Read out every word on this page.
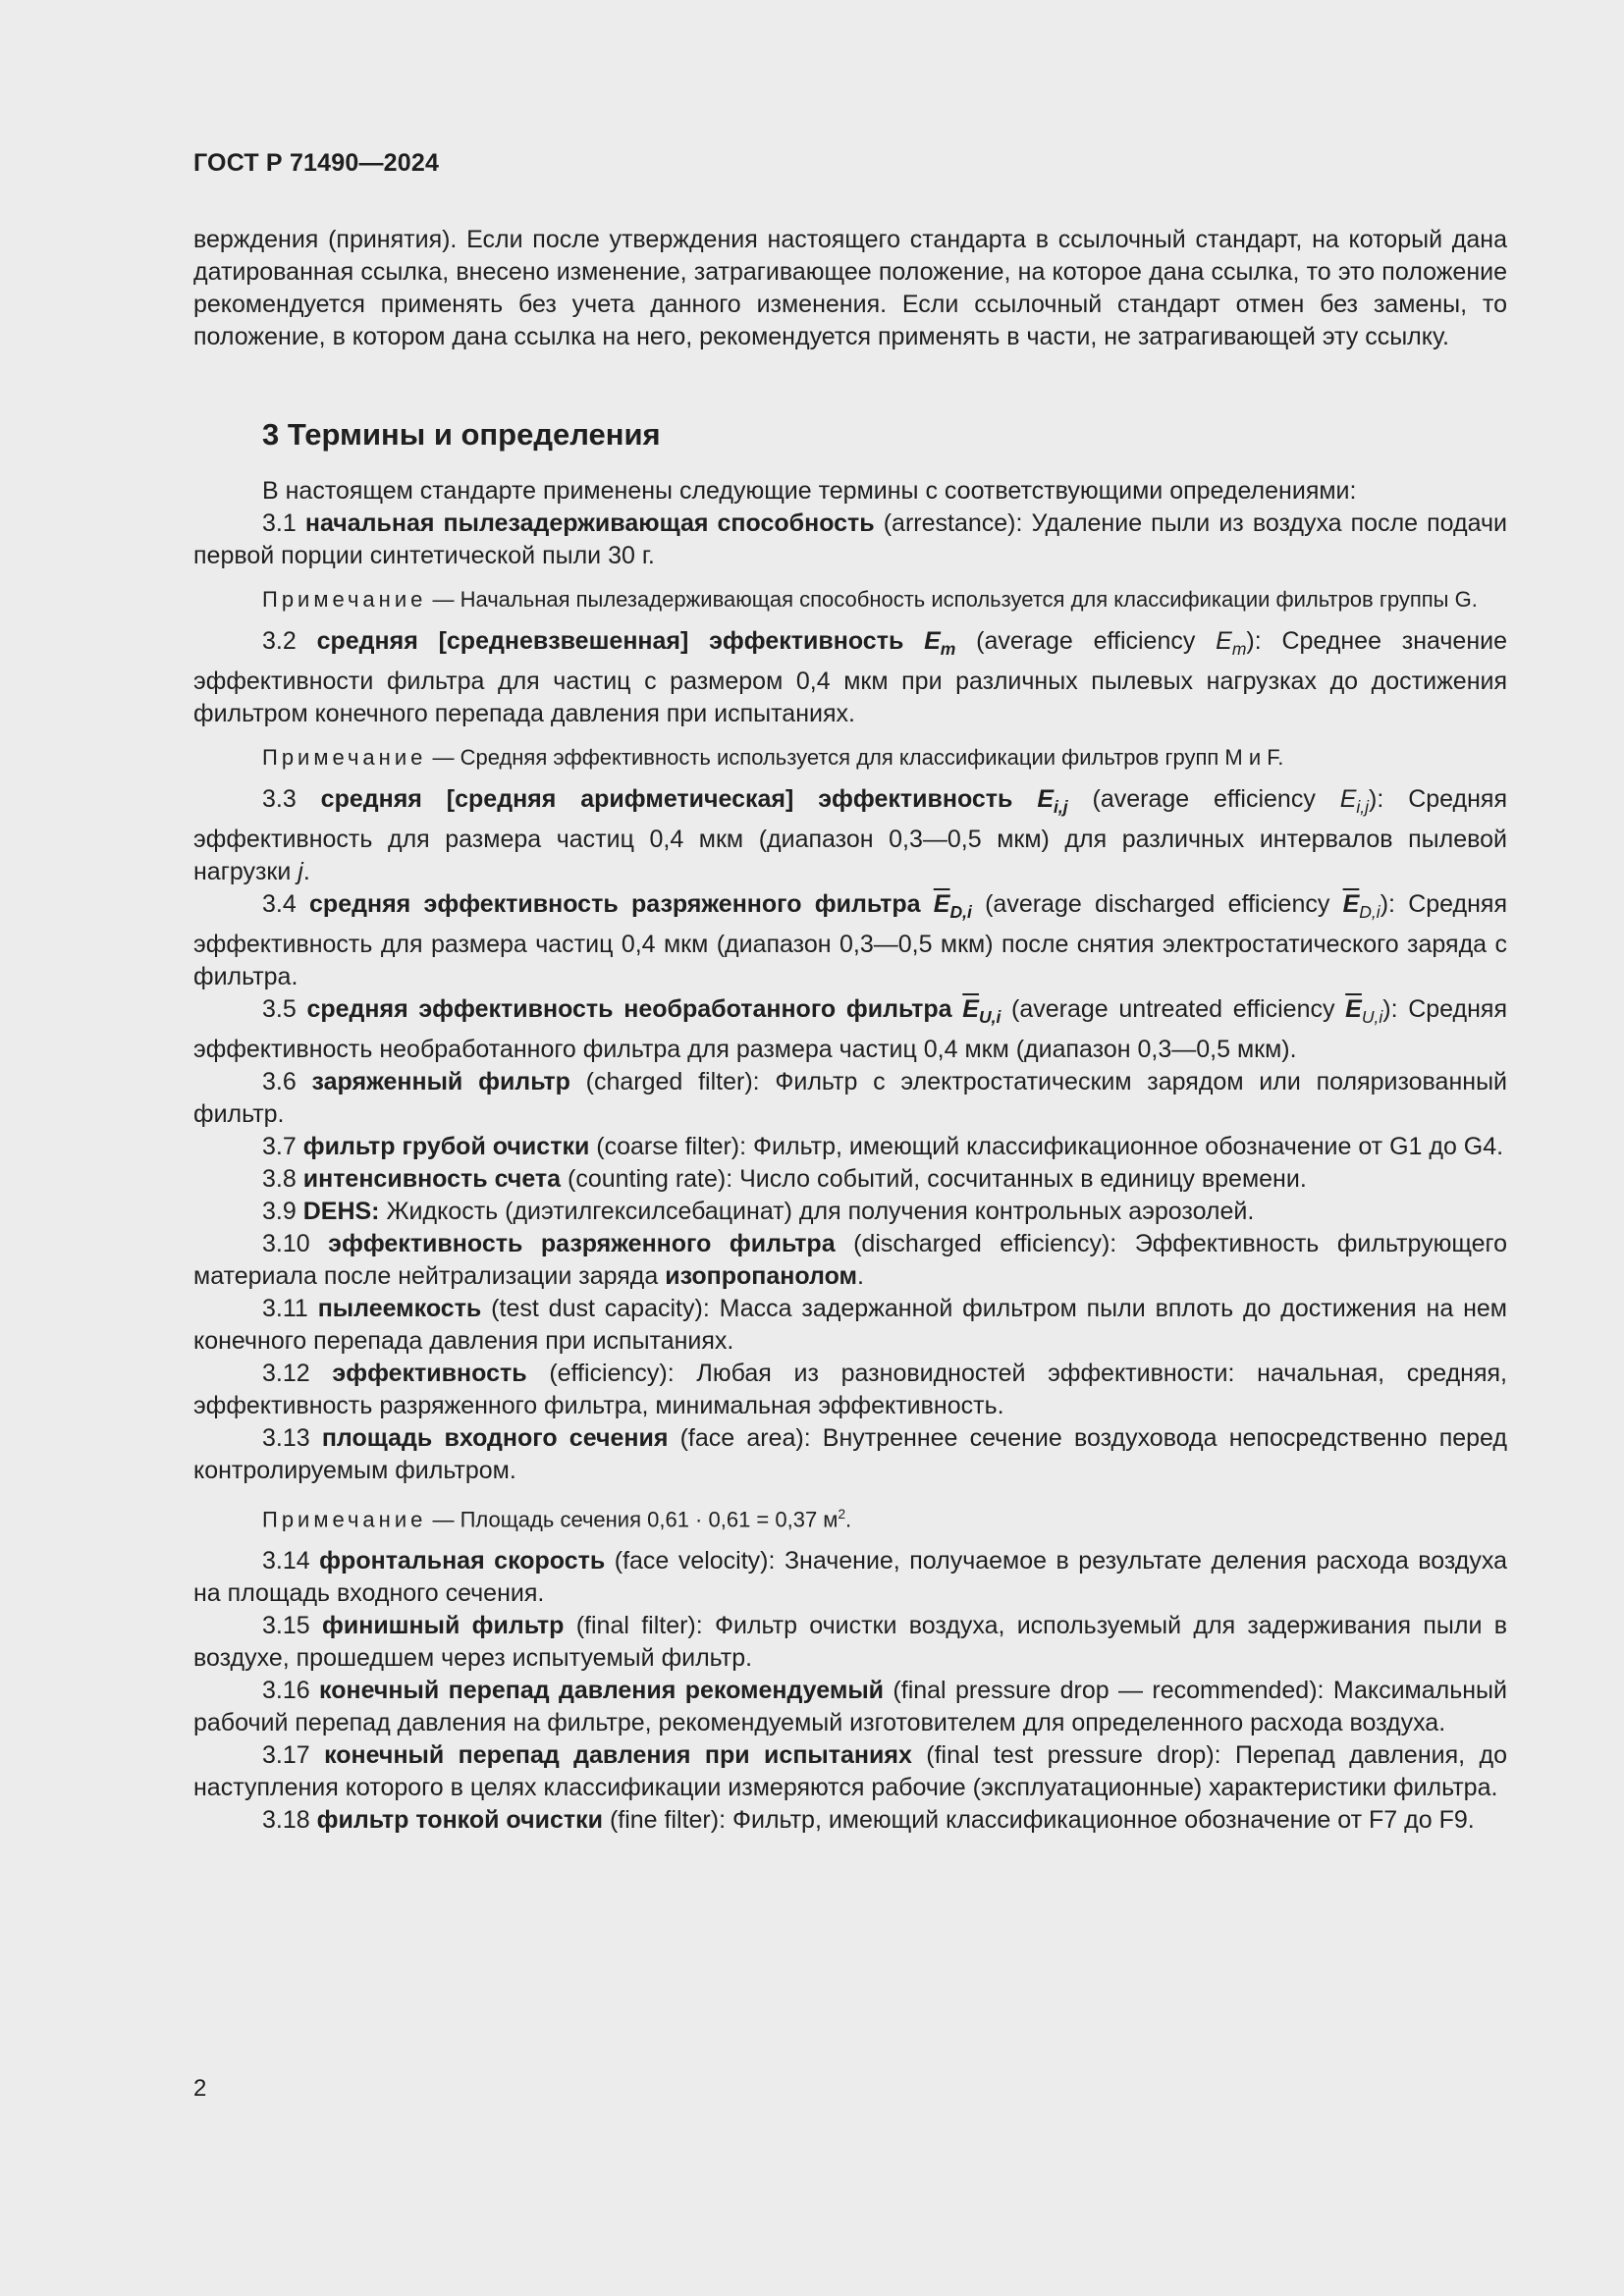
ГОСТ Р 71490—2024

верждения (принятия). Если после утверждения настоящего стандарта в ссылочный стандарт, на который дана датированная ссылка, внесено изменение, затрагивающее положение, на которое дана ссылка, то это положение рекомендуется применять без учета данного изменения. Если ссылочный стандарт отмен без замены, то положение, в котором дана ссылка на него, рекомендуется применять в части, не затрагивающей эту ссылку.

3 Термины и определения

В настоящем стандарте применены следующие термины с соответствующими определениями:

3.1 начальная пылезадерживающая способность (arrestance): Удаление пыли из воздуха после подачи первой порции синтетической пыли 30 г.

Примечание — Начальная пылезадерживающая способность используется для классификации фильтров группы G.

3.2 средняя [средневзвешенная] эффективность $E_m$ (average efficiency $E_m$): Среднее значение эффективности фильтра для частиц с размером 0,4 мкм при различных пылевых нагрузках до достижения фильтром конечного перепада давления при испытаниях.

Примечание — Средняя эффективность используется для классификации фильтров групп М и F.

3.3 средняя [средняя арифметическая] эффективность $E_{i,j}$ (average efficiency $E_{i,j}$): Средняя эффективность для размера частиц 0,4 мкм (диапазон 0,3—0,5 мкм) для различных интервалов пылевой нагрузки j.

3.4 средняя эффективность разряженного фильтра $\overline{E}_{D,i}$ (average discharged efficiency $\overline{E}_{D,i}$): Средняя эффективность для размера частиц 0,4 мкм (диапазон 0,3—0,5 мкм) после снятия электростатического заряда с фильтра.

3.5 средняя эффективность необработанного фильтра $\overline{E}_{U,i}$ (average untreated efficiency $\overline{E}_{U,i}$): Средняя эффективность необработанного фильтра для размера частиц 0,4 мкм (диапазон 0,3—0,5 мкм).

3.6 заряженный фильтр (charged filter): Фильтр с электростатическим зарядом или поляризованный фильтр.

3.7 фильтр грубой очистки (coarse filter): Фильтр, имеющий классификационное обозначение от G1 до G4.

3.8 интенсивность счета (counting rate): Число событий, сосчитанных в единицу времени.

3.9 DEHS: Жидкость (диэтилгексилсебацинат) для получения контрольных аэрозолей.

3.10 эффективность разряженного фильтра (discharged efficiency): Эффективность фильтрующего материала после нейтрализации заряда изопропанолом.

3.11 пылеемкость (test dust capacity): Масса задержанной фильтром пыли вплоть до достижения на нем конечного перепада давления при испытаниях.

3.12 эффективность (efficiency): Любая из разновидностей эффективности: начальная, средняя, эффективность разряженного фильтра, минимальная эффективность.

3.13 площадь входного сечения (face area): Внутреннее сечение воздуховода непосредственно перед контролируемым фильтром.

Примечание — Площадь сечения 0,61 · 0,61 = 0,37 $м^2$.

3.14 фронтальная скорость (face velocity): Значение, получаемое в результате деления расхода воздуха на площадь входного сечения.

3.15 финишный фильтр (final filter): Фильтр очистки воздуха, используемый для задерживания пыли в воздухе, прошедшем через испытуемый фильтр.

3.16 конечный перепад давления рекомендуемый (final pressure drop — recommended): Максимальный рабочий перепад давления на фильтре, рекомендуемый изготовителем для определенного расхода воздуха.

3.17 конечный перепад давления при испытаниях (final test pressure drop): Перепад давления, до наступления которого в целях классификации измеряются рабочие (эксплуатационные) характеристики фильтра.

3.18 фильтр тонкой очистки (fine filter): Фильтр, имеющий классификационное обозначение от F7 до F9.

2
